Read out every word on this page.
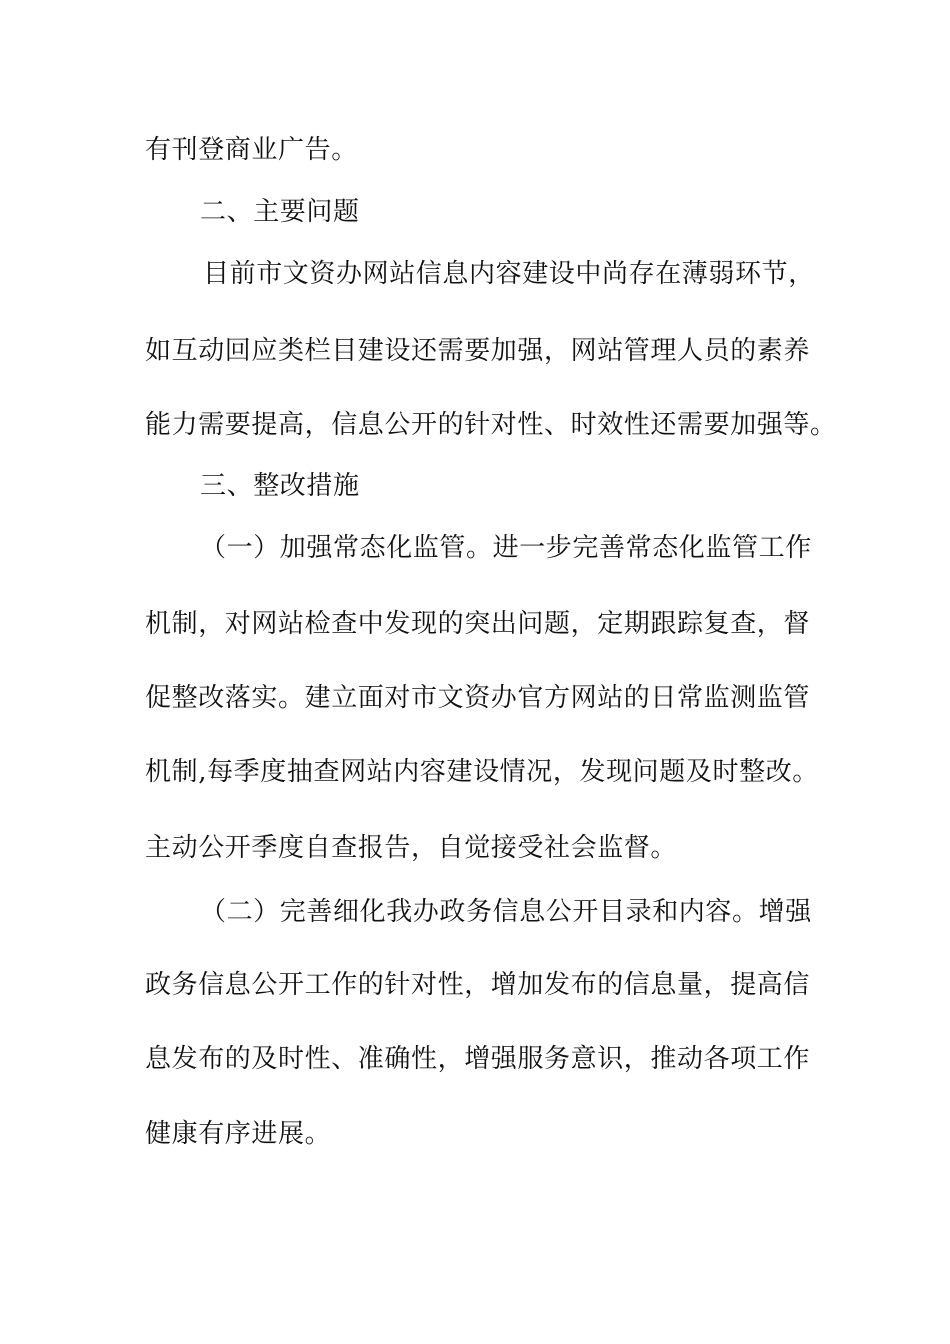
有刊登商业广告。
二、主要问题
目前市文资办网站信息内容建设中尚存在薄弱环节，
如互动回应类栏目建设还需要加强，网站管理人员的素养
能力需要提高，信息公开的针对性、时效性还需要加强等。
三、整改措施
（一）加强常态化监管。进一步完善常态化监管工作
机制，对网站检查中发现的突出问题，定期跟踪复查，督
促整改落实。建立面对市文资办官方网站的日常监测监管
机制,每季度抽查网站内容建设情况，发现问题及时整改。
主动公开季度自查报告，自觉接受社会监督。
（二）完善细化我办政务信息公开目录和内容。增强
政务信息公开工作的针对性，增加发布的信息量，提高信
息发布的及时性、准确性，增强服务意识，推动各项工作
健康有序进展。
